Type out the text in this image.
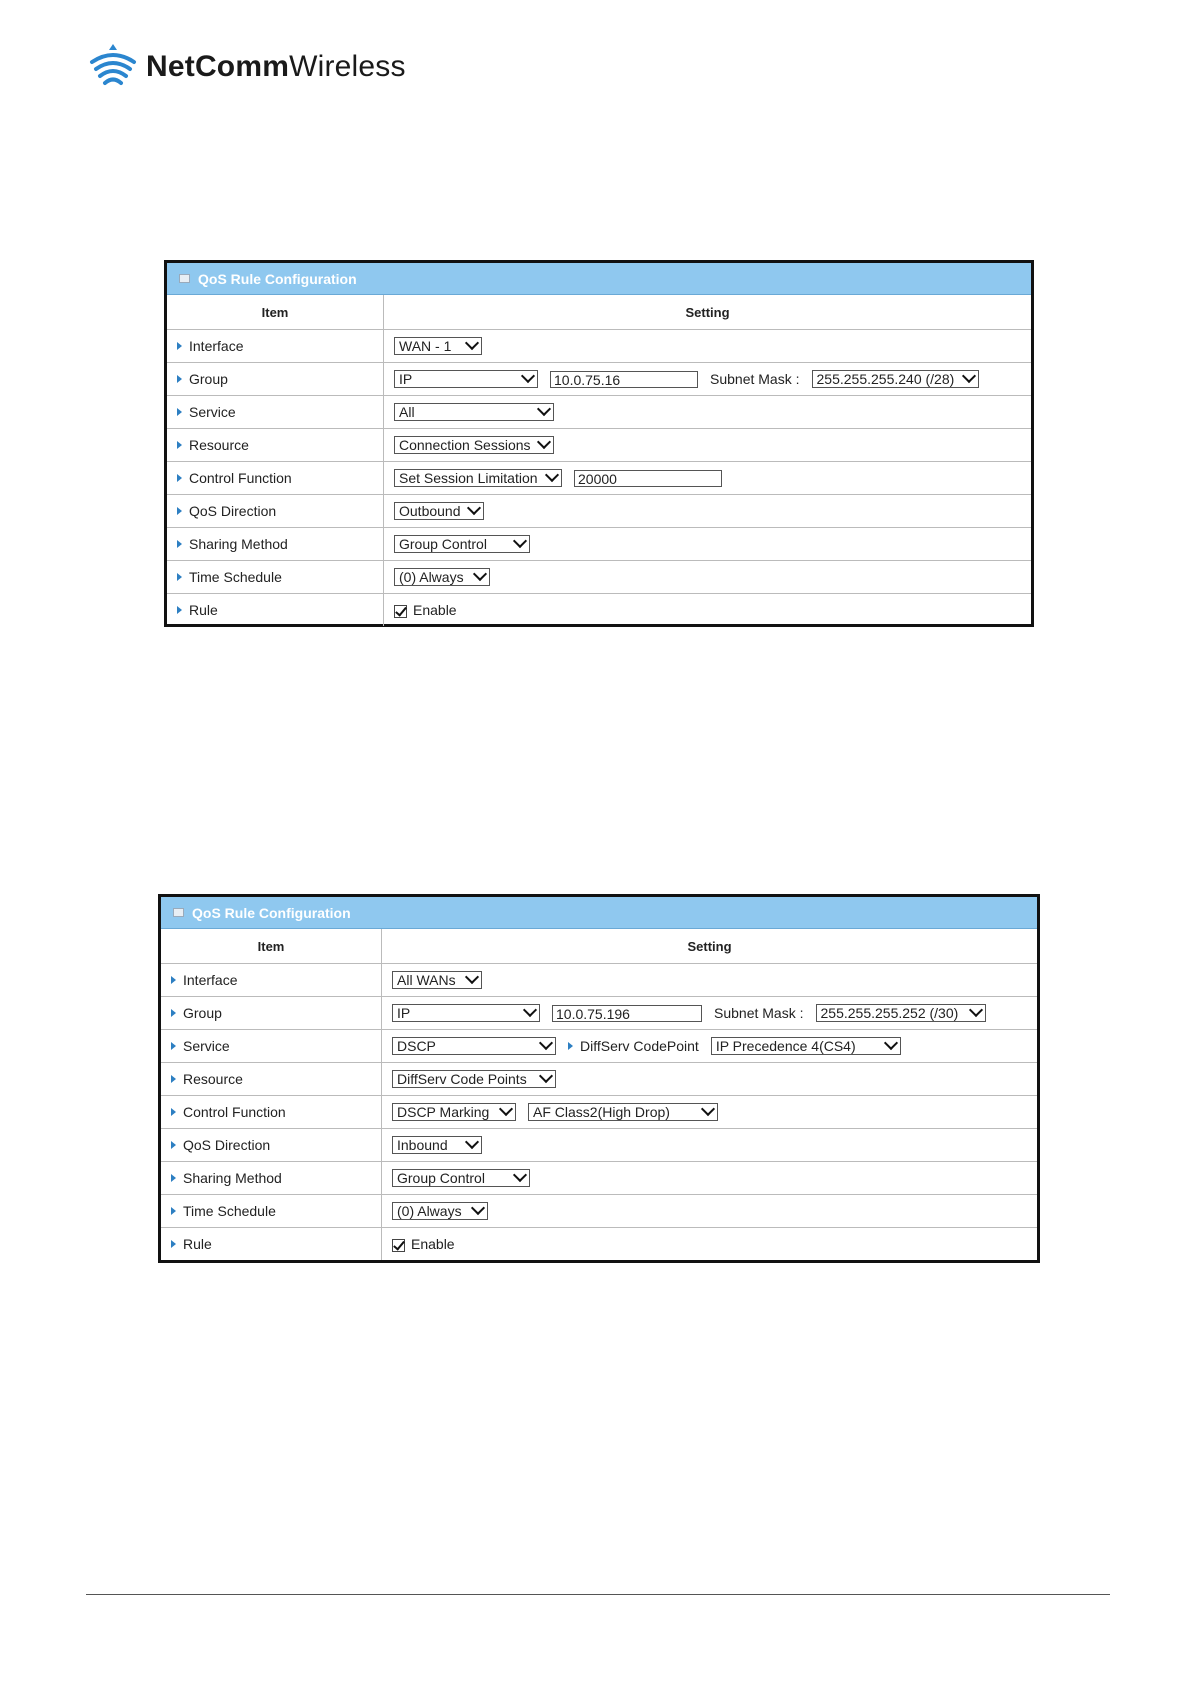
NetCommWireless
QoS Rule Configuration
Item	Setting
Interface	WAN - 1

Group	IP 10.0.75.16 Subnet Mask : 255.255.255.240 (/28)

Service	All

Resource	Connection Sessions

Control Function	Set Session Limitation 20000

QoS Direction	Outbound

Sharing Method	Group Control

Time Schedule	(0) Always

Rule	Enable
QoS Rule Configuration
Item	Setting
Interface	All WANs

Group	IP 10.0.75.196 Subnet Mask : 255.255.255.252 (/30)

Service	DSCP DiffServ CodePoint IP Precedence 4(CS4)

Resource	DiffServ Code Points

Control Function	DSCP Marking AF Class2(High Drop)

QoS Direction	Inbound

Sharing Method	Group Control

Time Schedule	(0) Always

Rule	Enable
